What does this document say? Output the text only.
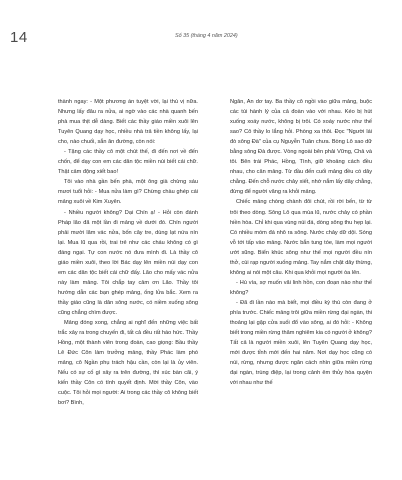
14	Số 35 (tháng 4 năm 2024)

thành ngay: - Một phương án tuyệt vời, lại thú vị nữa. Nhưng lấy đâu ra nửa, ai ngờ vào các nhà quanh bến phà mua thịt dễ dàng. Biết các thầy giáo miền xuôi lên Tuyên Quang dạy học, nhiều nhà trả tiền không lấy, lại cho, nào chuối, sắn ăn đường, còn nói:

- Tặng các thầy cô một chút thế, đi đến nơi về đến chốn, để dạy con em các dân tộc miền núi biết cái chữ. Thật cảm động xiết bao!

Tôi vào nhà gần bến phà, một ông già chừng sáu mươi tuổi hỏi: - Mua nửa làm gì? Chừng chàu ghép cái mảng xuôi về Kim Xuyên.

- Nhiều người không? Dại Chín ạ! - Hỏi còn đánh Pháp lão đã một lần đi mảng về dưới đó. Chín người phải mười lăm vác nửa, bốn cây tre, dùng lạt nứa nín lại. Mua lũ qua rồi, trai trẻ như các cháu không có gì đáng ngại. Tự con nước nó đưa mình đi. Là thầy cô giáo miền xuôi, theo lời Bác dạy lên miền núi dạy con em các dân tộc biết cái chữ đấy. Lão cho mấy vác nửa này làm mảng. Tôi chắp tay cảm ơn Lão. Thầy tôi hướng dẫn các bạn ghép mảng, ống lửa bắc. Xem ra thầy giáo cũng là dân sông nước, có niềm xuống sông cũng chẳng chìm được.

Mảng đóng xong, chẳng ai nghĩ đến những việc bất trắc xảy ra trong chuyến đi, tất cả đều rất háo hức. Thầy Hồng, một thành viên trong đoàn, cao giọng: Bầu thầy Lê Đức Côn làm trưởng mảng, thầy Phác làm phó mảng, cô Ngần phụ trách hậu cần, còn lại là ủy viên. Nếu có sự cố gì xảy ra trên đường, thì xúc bàn cãi, ý kiến thầy Côn có tính quyết định. Mời thầy Côn, vào cuộc. Tôi hỏi mọi người: Ai trong các thầy cô không biết bơi? Bình,

Ngân, An dơ tay. Ba thầy cô ngồi vào giữa mảng, buộc các túi hành lý của cả đoàn vào với nhau. Kéo bị hút xuống xoáy nước, không bị trôi. Có xoáy nước như thế sao? Cô thầy lo lắng hỏi. Phòng xa thôi. Đọc "Người lái đò sông Đà" của cụ Nguyễn Tuân chưa. Bòng Lô sao dữ bằng sông Đà được. Vòng ngoài bên phải Vững, Chả và tôi. Bên trái Phác, Hồng, Tình, giữ khoảng cách đều nhau, cho cân mảng. Từ đầu đến cuối mảng đều có dây chằng. Đến chỗ nước chảy xiết, nhớ nắm lấy dây chằng, đừng để người văng ra khỏi mảng.

Chiếc mảng chòng chành đôi chút, rồi rời bến, từ từ trôi theo dòng. Sông Lô qua mùa lũ, nước chảy có phần hiền hòa. Chỉ khi qua vùng núi đá, dòng sông thu hẹp lại. Có nhiều móm đá nhô ra sông. Nước chảy dữ dội. Sóng vỗ tới tấp vào mảng. Nước bắn tung tóe, làm mọi người ướt sũng. Biển khúc sông như thế mọi người đều nín thở, cùi rạp người xuống mảng. Tay nắm chặt dây thừng, không ai nói một câu. Khi qua khỏi mọi người òa lên.

- Hú vía, sợ muốn vãi linh hồn, con đoạn nào như thế không?

- Đã đi lần nào mà biết, mọi điều kỳ thú còn đang ở phía trước. Chiếc mảng trôi giữa miền rừng đại ngàn, thi thoảng lại gặp cửa suối đổ vào sông, ai đó hỏi: - Không biết trong miền rừng thăm nghiêm kia có người ở không? Tất cả là người miền xuôi, lên Tuyên Quang dạy học, mới được tỉnh mới đến hai năm. Nơi dạy học cũng có núi, rừng, nhưng được ngăn cách nhìn giữa miền rừng đại ngàn, trùng điệp, lại trong cảnh êm thủy hòa quyện với nhau như thế
